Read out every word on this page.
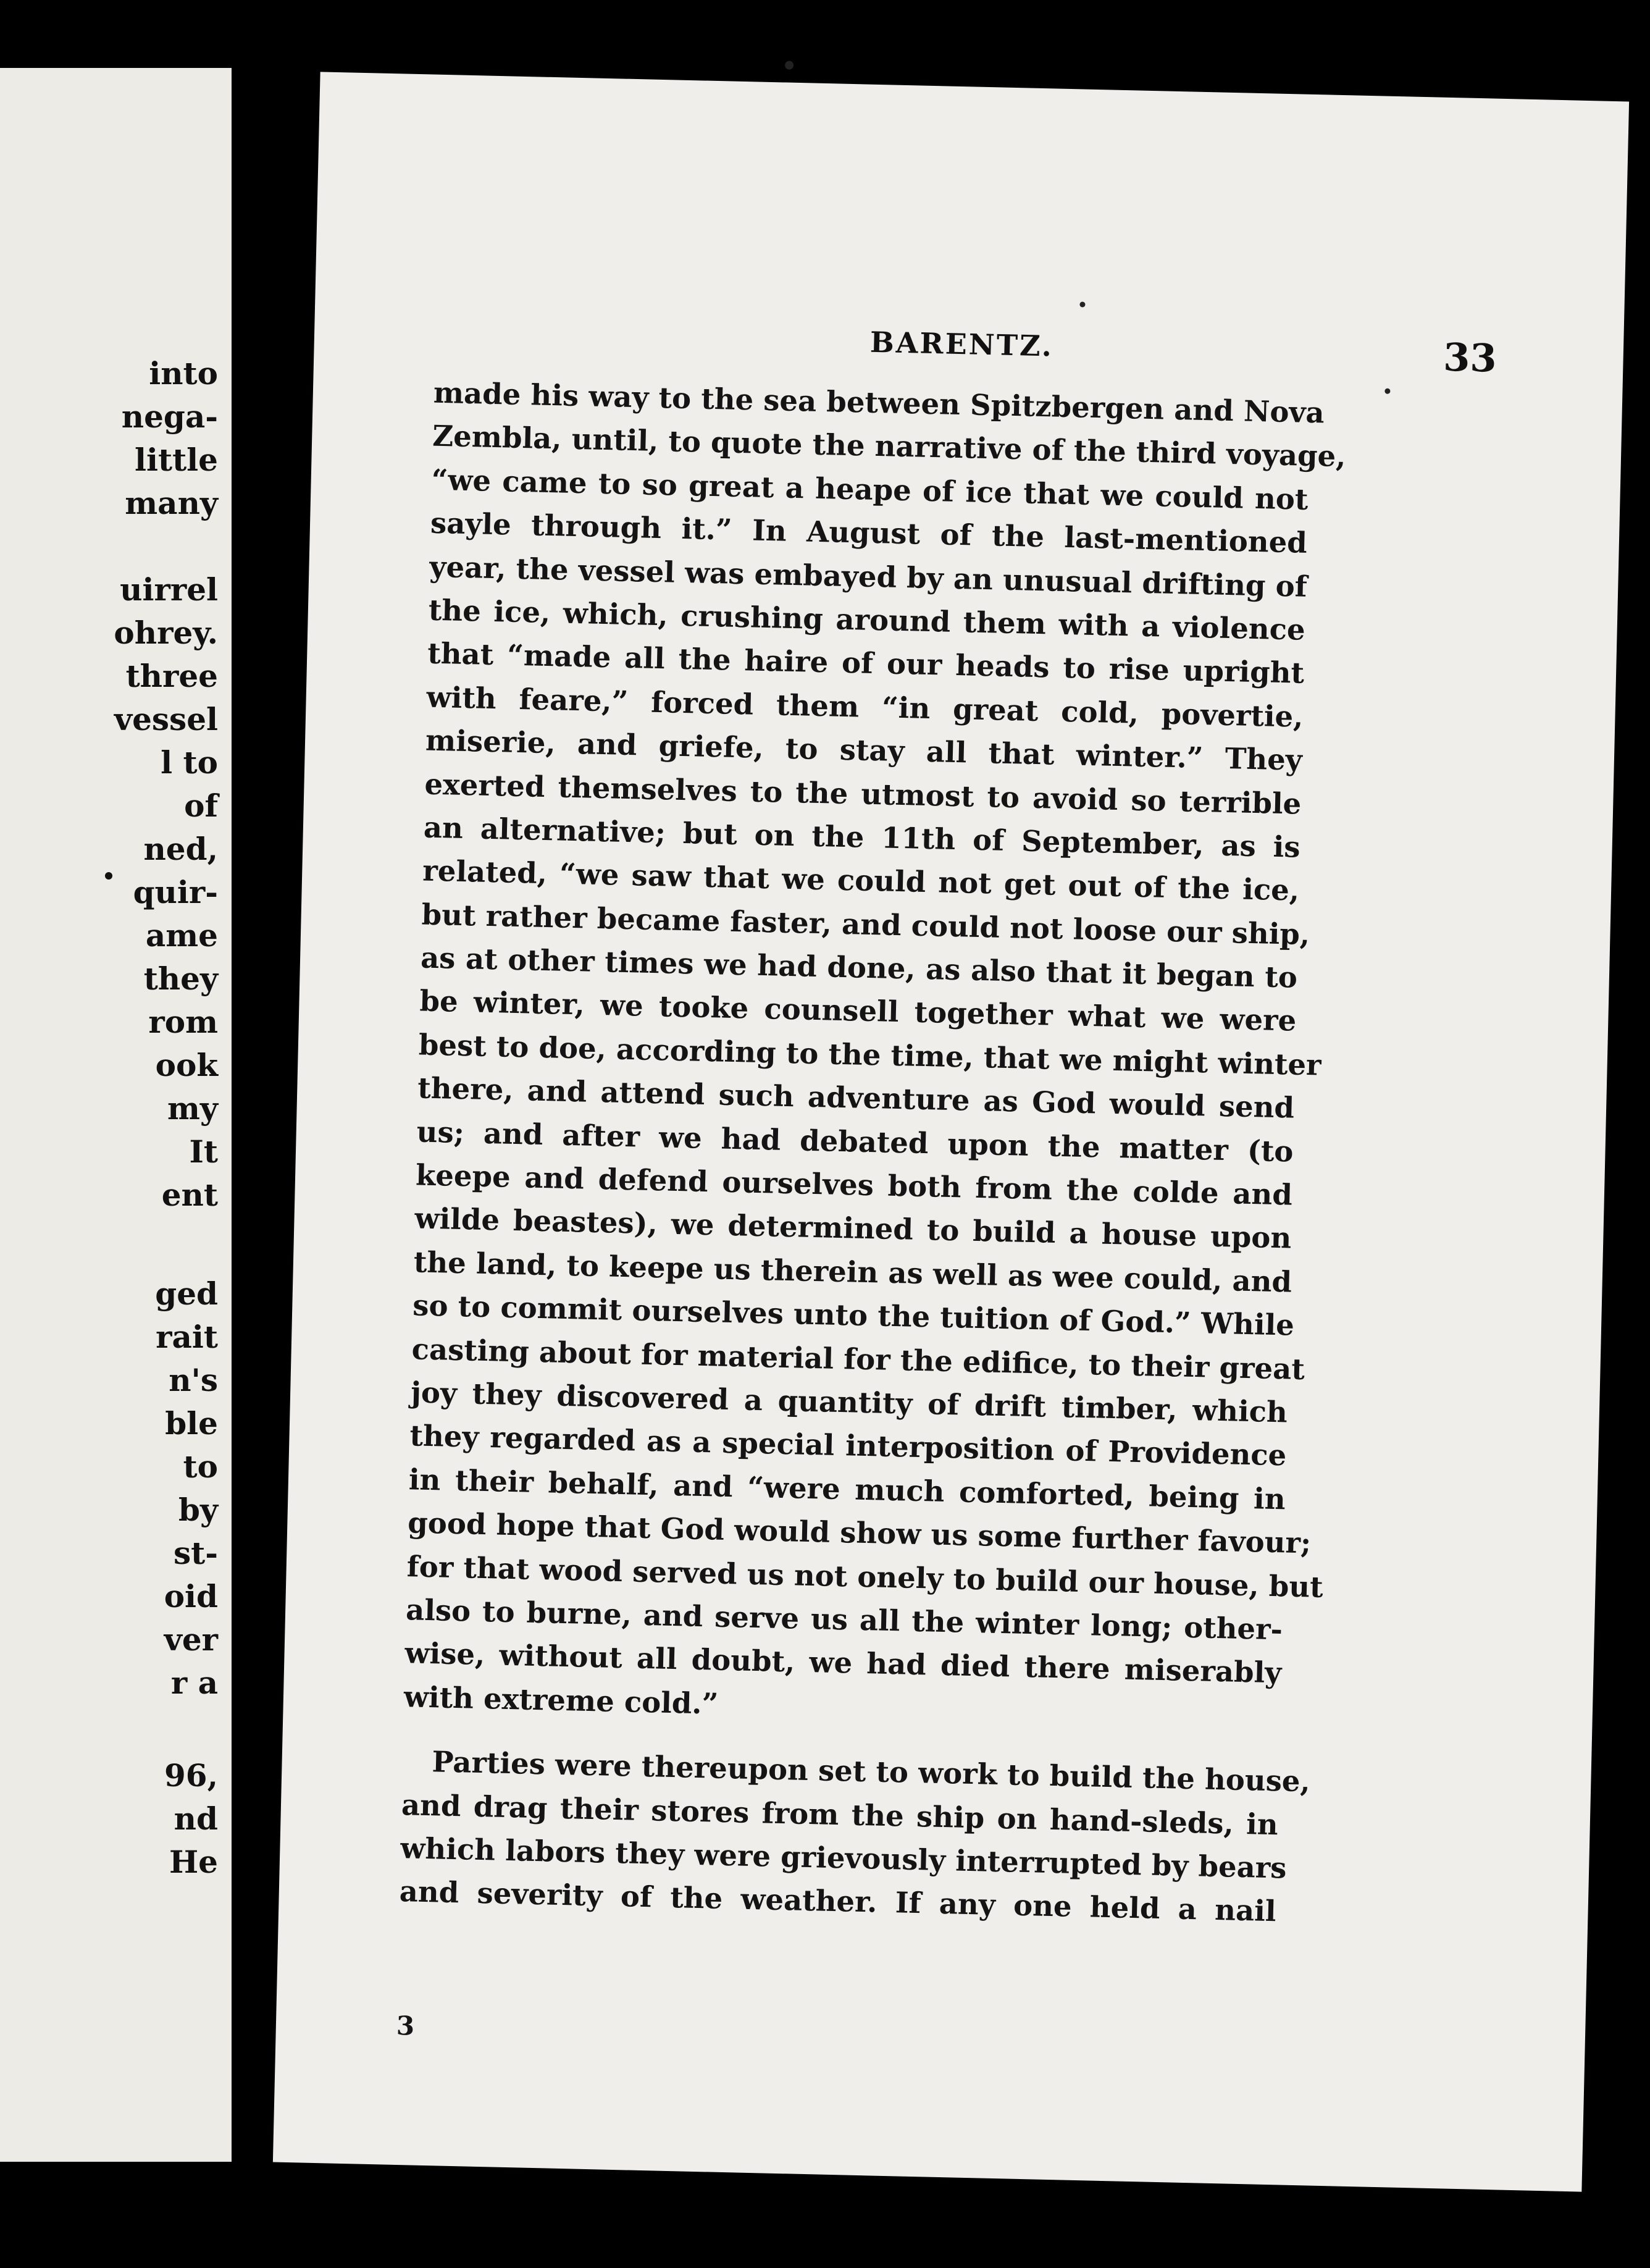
into
nega-
little
many
uirrel
ohrey.
three
vessel
l to
of
ned,
quir-
ame
they
rom
ook
my
It
ent
ged
rait
n's
ble
to
by
st-
oid
ver
r a
96,
nd
He
BARENTZ.	33
made his way to the sea between Spitzbergen and Nova
Zembla, until, to quote the narrative of the third voyage,
“we came to so great a heape of ice that we could not
sayle through it.” In August of the last-mentioned
year, the vessel was embayed by an unusual drifting of
the ice, which, crushing around them with a violence
that “made all the haire of our heads to rise upright
with feare,” forced them “in great cold, povertie,
miserie, and griefe, to stay all that winter.” They
exerted themselves to the utmost to avoid so terrible
an alternative; but on the 11th of September, as is
related, “we saw that we could not get out of the ice,
but rather became faster, and could not loose our ship,
as at other times we had done, as also that it began to
be winter, we tooke counsell together what we were
best to doe, according to the time, that we might winter
there, and attend such adventure as God would send
us; and after we had debated upon the matter (to
keepe and defend ourselves both from the colde and
wilde beastes), we determined to build a house upon
the land, to keepe us therein as well as wee could, and
so to commit ourselves unto the tuition of God.” While
casting about for material for the edifice, to their great
joy they discovered a quantity of drift timber, which
they regarded as a special interposition of Providence
in their behalf, and “were much comforted, being in
good hope that God would show us some further favour;
for that wood served us not onely to build our house, but
also to burne, and serve us all the winter long; other-
wise, without all doubt, we had died there miserably
with extreme cold.”
Parties were thereupon set to work to build the house,
and drag their stores from the ship on hand-sleds, in
which labors they were grievously interrupted by bears
and severity of the weather. If any one held a nail
3
